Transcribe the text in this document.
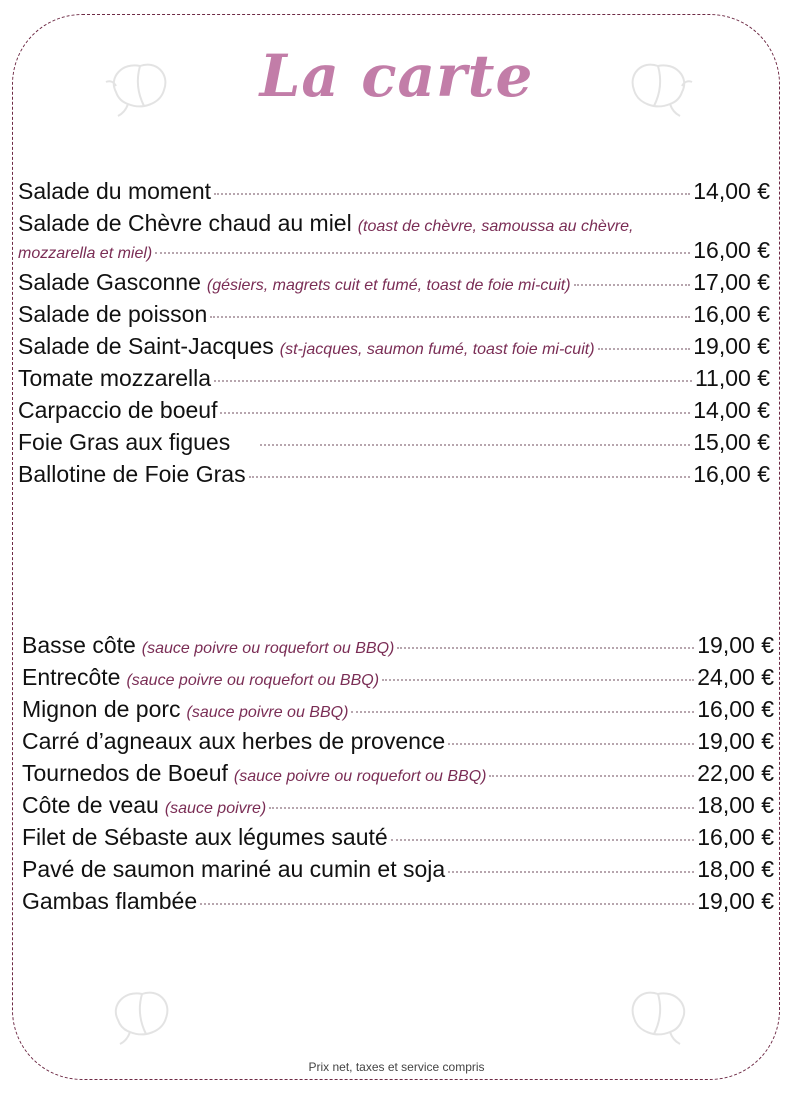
La carte
Salade du moment	14,00 €
Salade de Chèvre chaud au miel (toast de chèvre, samoussa au chèvre,
mozzarella et miel)	16,00 €
Salade Gasconne (gésiers, magrets cuit et fumé, toast de foie mi-cuit)	17,00 €
Salade de poisson	16,00 €
Salade de Saint-Jacques (st-jacques, saumon fumé, toast foie mi-cuit)	19,00 €
Tomate mozzarella	11,00 €
Carpaccio de boeuf	14,00 €
Foie Gras aux figues	15,00 €
Ballotine de Foie Gras	16,00 €
Basse côte (sauce poivre ou roquefort ou BBQ)	19,00 €
Entrecôte (sauce poivre ou roquefort ou BBQ)	24,00 €
Mignon de porc (sauce poivre ou BBQ)	16,00 €
Carré d’agneaux aux herbes de provence	19,00 €
Tournedos de Boeuf (sauce poivre ou roquefort ou BBQ)	22,00 €
Côte de veau (sauce poivre)	18,00 €
Filet de Sébaste aux légumes sauté	16,00 €
Pavé de saumon mariné au cumin et soja	18,00 €
Gambas flambée	19,00 €
Prix net, taxes et service compris
